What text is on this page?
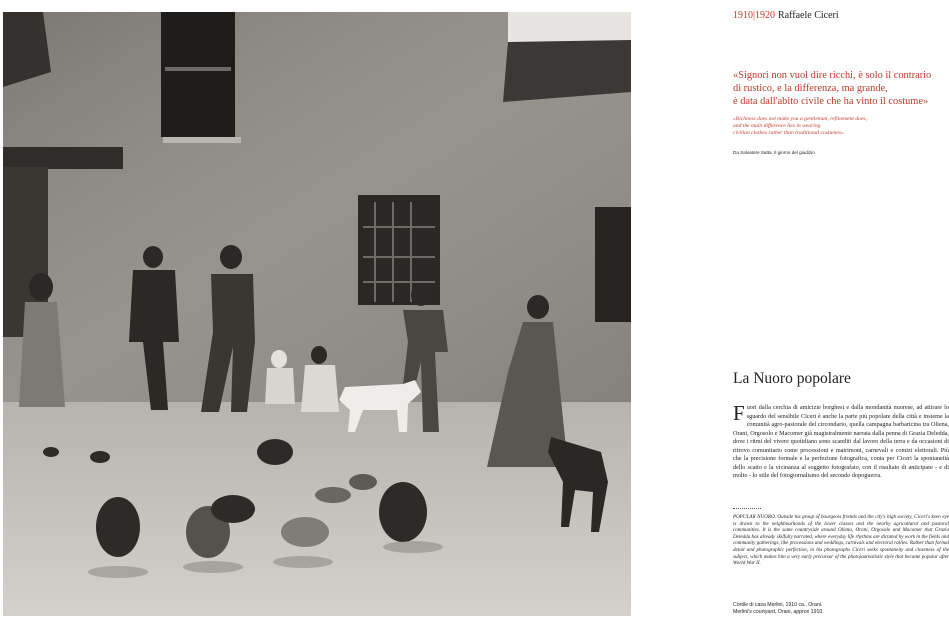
1910|1920 Raffaele Ciceri
«Signori non vuol dire ricchi, è solo il contrario
di rustico, e la differenza, ma grande,
è data dall'abito civile che ha vinto il costume»
«Richness does not make you a gentleman, refinement does,
and the main difference lies in wearing
civilian clothes rather than traditional costumes»
Da Salvatore Satta, Il giorno del giudizio
La Nuoro popolare
Fuori dalla cerchia di amicizie borghesi e dalla mondanità nuorese, ad attirare lo sguardo del sensibile Ciceri è anche la parte più popolare della città e insieme la comunità agro-pastorale del circondario, quella campagna barbaricina tra Oliena, Orani, Orgosolo e Macomer già magistralmente narrata dalla penna di Grazia Deledda, dove i ritmi del vivere quotidiano sono scanditi dal lavoro della terra e da occasioni di ritrovo comunitario come processioni e matrimoni, carnevali e comizi elettorali. Più che la precisione formale e la perfezione fotografica, conta per Ciceri la spontaneità dello scatto e la vicinanza al soggetto fotografato, con il risultato di anticipare - e di molto - lo stile del fotogiornalismo del secondo dopoguerra.
POPULAR NUORO. Outside his group of bourgeois friends and the city's high society, Ciceri's keen eye is drawn to the neighbourhoods of the lower classes and the nearby agricultural and pastoral communities. It is the same countryside around Oliena, Orani, Orgosolo and Macomer that Grazia Deledda has already skilfully narrated, where everyday life rhythms are dictated by work in the fields and community gatherings, like processions and weddings, carnivals and electoral rallies. Rather than formal detail and photographic perfection, in his photographs Ciceri seeks spontaneity and closeness of the subject, which makes him a very early precursor of the photojournalistic style that became popular after World War II.
Cortile di casa Merlini, 1910 ca., Orani.
Merlini's courtyard, Orani, approx 1910.
